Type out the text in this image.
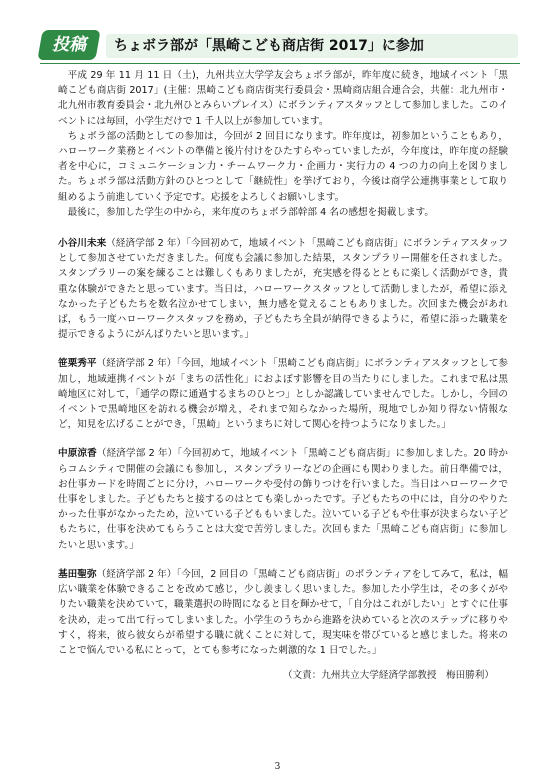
投稿	ちょボラ部が「黒崎こども商店街 2017」に参加

平成 29 年 11 月 11 日（土)，九州共立大学学友会ちょボラ部が，昨年度に続き，地域イベント「黒崎こども商店街 2017」(主催：黒崎こども商店街実行委員会・黒崎商店組合連合会，共催：北九州市・北九州市教育委員会・北九州ひとみらいプレイス）にボランティアスタッフとして参加しました。このイベントには毎回，小学生だけで 1 千人以上が参加しています。

ちょボラ部の活動としての参加は，今回が 2 回目になります。昨年度は，初参加ということもあり，ハローワーク業務とイベントの準備と後片付けをひたすらやっていましたが，今年度は，昨年度の経験者を中心に，コミュニケーション力・チームワーク力・企画力・実行力の 4 つの力の向上を図りました。ちょボラ部は活動方針のひとつとして「継続性」を挙げており，今後は商学公連携事業として取り組めるよう前進していく予定です。応援をよろしくお願いします。

最後に，参加した学生の中から，来年度のちょボラ部幹部 4 名の感想を掲載します。

小谷川未来（経済学部 2 年）「今回初めて，地域イベント「黒崎こども商店街」にボランティアスタッフとして参加させていただきました。何度も会議に参加した結果，スタンプラリー開催を任されました。スタンプラリーの案を練ることは難しくもありましたが，充実感を得るとともに楽しく活動ができ，貴重な体験ができたと思っています。当日は，ハローワークスタッフとして活動しましたが，希望に添えなかった子どもたちを数名泣かせてしまい，無力感を覚えることもありました。次回また機会があれば，もう一度ハローワークスタッフを務め，子どもたち全員が納得できるように，希望に添った職業を提示できるようにがんばりたいと思います。」

笹栗秀平（経済学部 2 年）「今回，地域イベント「黒崎こども商店街」にボランティアスタッフとして参加し，地域連携イベントが「まちの活性化」におよぼす影響を目の当たりにしました。これまで私は黒崎地区に対して，「通学の際に通過するまちのひとつ」としか認識していませんでした。しかし，今回のイベントで黒崎地区を訪れる機会が増え，それまで知らなかった場所，現地でしか知り得ない情報など，知見を広げることができ，「黒崎」というまちに対して関心を持つようになりました。」

中原涼香（経済学部 2 年）「今回初めて，地域イベント「黒崎こども商店街」に参加しました。20 時からコムシティで開催の会議にも参加し，スタンプラリーなどの企画にも関わりました。前日準備では，お仕事カードを時間ごとに分け，ハローワークや受付の飾りつけを行いました。当日はハローワークで仕事をしました。子どもたちと接するのはとても楽しかったです。子どもたちの中には，自分のやりたかった仕事がなかったため，泣いている子どももいました。泣いている子どもや仕事が決まらない子どもたちに，仕事を決めてもらうことは大変で苦労しました。次回もまた「黒崎こども商店街」に参加したいと思います。」

基田聖弥（経済学部 2 年）「今回，2 回目の「黒崎こども商店街」のボランティアをしてみて，私は，幅広い職業を体験できることを改めて感じ，少し羨ましく思いました。参加した小学生は，その多くがやりたい職業を決めていて，職業選択の時間になると目を輝かせて，「自分はこれがしたい」とすぐに仕事を決め，走って出て行ってしまいました。小学生のうちから進路を決めていると次のステップに移りやすく，将来，彼ら彼女らが希望する職に就くことに対して，現実味を帯びていると感じました。将来のことで悩んでいる私にとって，とても参考になった刺激的な 1 日でした。」

（文責：九州共立大学経済学部教授　梅田勝利）

3
